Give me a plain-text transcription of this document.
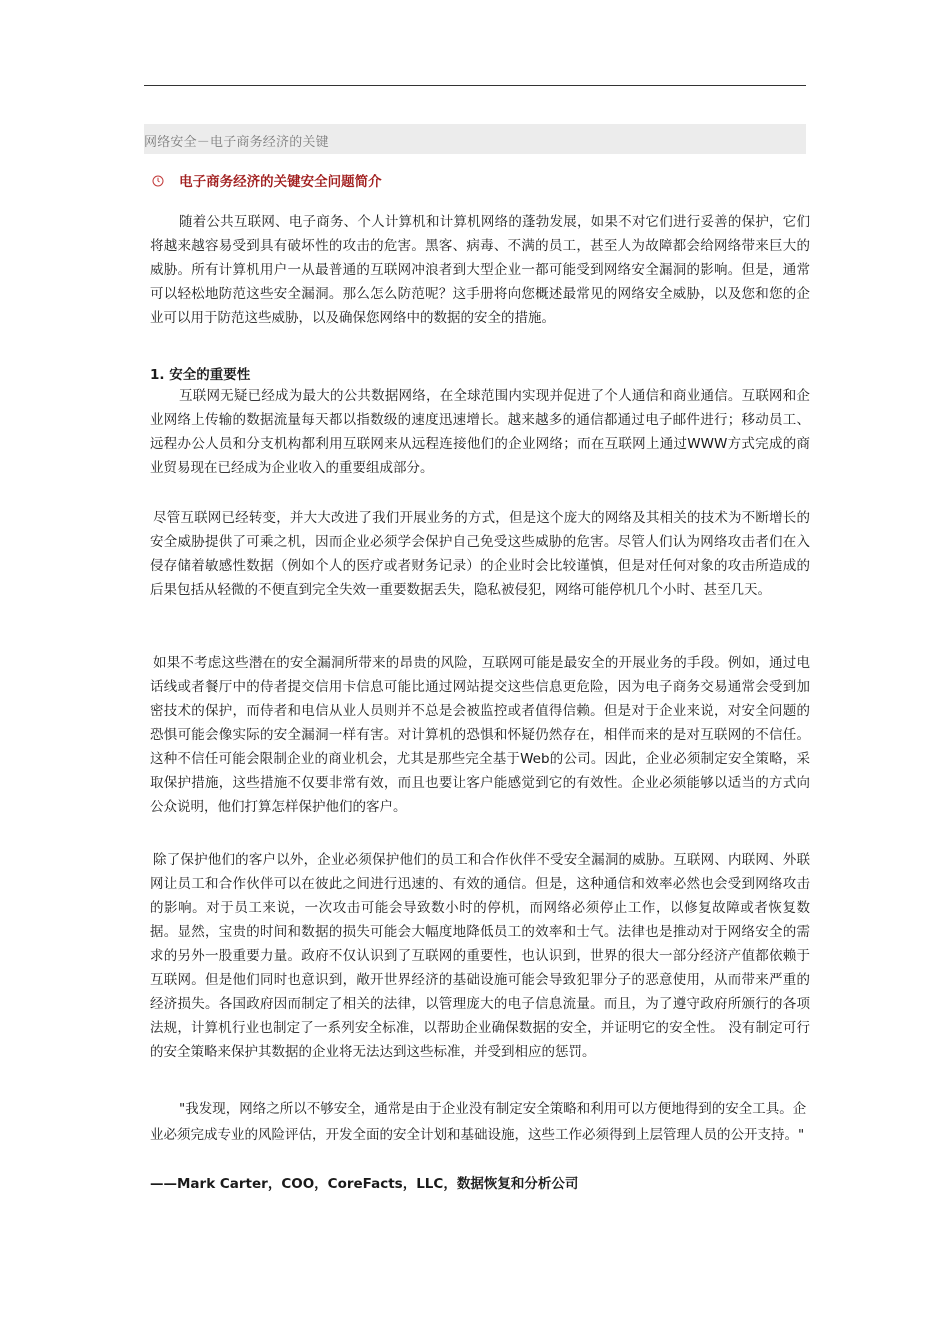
网络安全－电子商务经济的关键
电子商务经济的关键安全问题简介

随着公共互联网、电子商务、个人计算机和计算机网络的蓬勃发展，如果不对它们进行妥善的保护，它们将越来越容易受到具有破坏性的攻击的危害。黑客、病毒、不满的员工，甚至人为故障都会给网络带来巨大的威胁。所有计算机用户一从最普通的互联网冲浪者到大型企业一都可能受到网络安全漏洞的影响。但是，通常可以轻松地防范这些安全漏洞。那么怎么防范呢？这手册将向您概述最常见的网络安全威胁，以及您和您的企业可以用于防范这些威胁，以及确保您网络中的数据的安全的措施。

1. 安全的重要性

互联网无疑已经成为最大的公共数据网络，在全球范围内实现并促进了个人通信和商业通信。互联网和企业网络上传输的数据流量每天都以指数级的速度迅速增长。越来越多的通信都通过电子邮件进行；移动员工、远程办公人员和分支机构都利用互联网来从远程连接他们的企业网络；而在互联网上通过WWW方式完成的商业贸易现在已经成为企业收入的重要组成部分。

尽管互联网已经转变，并大大改进了我们开展业务的方式，但是这个庞大的网络及其相关的技术为不断增长的安全威胁提供了可乘之机，因而企业必须学会保护自己免受这些威胁的危害。尽管人们认为网络攻击者们在入侵存储着敏感性数据（例如个人的医疗或者财务记录）的企业时会比较谨慎，但是对任何对象的攻击所造成的后果包括从轻微的不便直到完全失效一重要数据丢失，隐私被侵犯，网络可能停机几个小时、甚至几天。

如果不考虑这些潜在的安全漏洞所带来的昂贵的风险，互联网可能是最安全的开展业务的手段。例如，通过电话线或者餐厅中的侍者提交信用卡信息可能比通过网站提交这些信息更危险，因为电子商务交易通常会受到加密技术的保护，而侍者和电信从业人员则并不总是会被监控或者值得信赖。但是对于企业来说，对安全问题的恐惧可能会像实际的安全漏洞一样有害。对计算机的恐惧和怀疑仍然存在，相伴而来的是对互联网的不信任。这种不信任可能会限制企业的商业机会，尤其是那些完全基于Web的公司。因此，企业必须制定安全策略，采取保护措施，这些措施不仅要非常有效，而且也要让客户能感觉到它的有效性。企业必须能够以适当的方式向公众说明，他们打算怎样保护他们的客户。

除了保护他们的客户以外，企业必须保护他们的员工和合作伙伴不受安全漏洞的威胁。互联网、内联网、外联网让员工和合作伙伴可以在彼此之间进行迅速的、有效的通信。但是，这种通信和效率必然也会受到网络攻击的影响。对于员工来说，一次攻击可能会导致数小时的停机，而网络必须停止工作，以修复故障或者恢复数据。显然，宝贵的时间和数据的损失可能会大幅度地降低员工的效率和士气。法律也是推动对于网络安全的需求的另外一股重要力量。政府不仅认识到了互联网的重要性，也认识到，世界的很大一部分经济产值都依赖于互联网。但是他们同时也意识到，敞开世界经济的基础设施可能会导致犯罪分子的恶意使用，从而带来严重的经济损失。各国政府因而制定了相关的法律，以管理庞大的电子信息流量。而且，为了遵守政府所颁行的各项法规，计算机行业也制定了一系列安全标准，以帮助企业确保数据的安全，并证明它的安全性。 没有制定可行的安全策略来保护其数据的企业将无法达到这些标准，并受到相应的惩罚。

"我发现，网络之所以不够安全，通常是由于企业没有制定安全策略和利用可以方便地得到的安全工具。企业必须完成专业的风险评估，开发全面的安全计划和基础设施，这些工作必须得到上层管理人员的公开支持。"

——Mark Carter，COO，CoreFacts，LLC，数据恢复和分析公司
